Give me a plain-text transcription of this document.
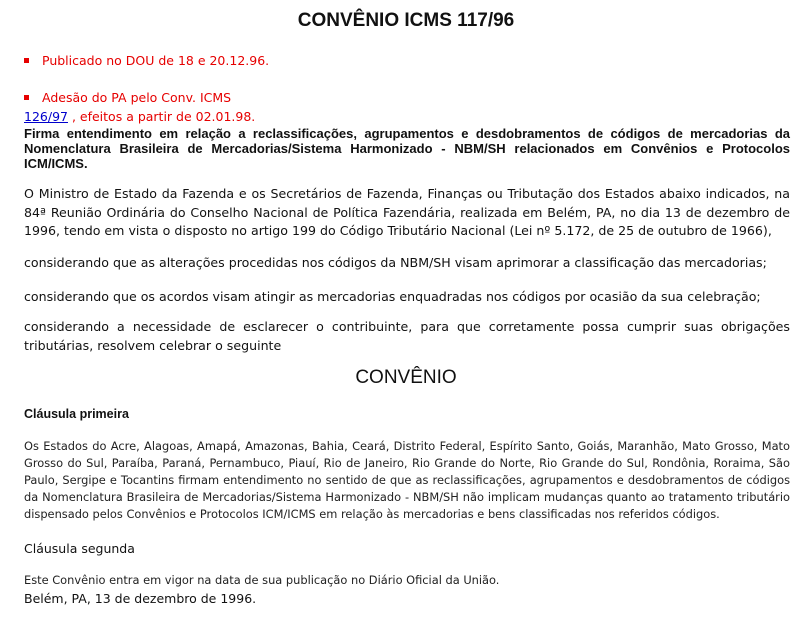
CONVÊNIO ICMS 117/96
Publicado no DOU de 18 e 20.12.96.
Adesão do PA pelo Conv. ICMS
126/97 , efeitos a partir de 02.01.98.
Firma entendimento em relação a reclassificações, agrupamentos e desdobramentos de códigos de mercadorias da Nomenclatura Brasileira de Mercadorias/Sistema Harmonizado - NBM/SH relacionados em Convênios e Protocolos ICM/ICMS.
O Ministro de Estado da Fazenda e os Secretários de Fazenda, Finanças ou Tributação dos Estados abaixo indicados, na 84ª Reunião Ordinária do Conselho Nacional de Política Fazendária, realizada em Belém, PA, no dia 13 de dezembro de 1996, tendo em vista o disposto no artigo 199 do Código Tributário Nacional (Lei nº 5.172, de 25 de outubro de 1966),
considerando que as alterações procedidas nos códigos da NBM/SH visam aprimorar a classificação das mercadorias;
considerando que os acordos visam atingir as mercadorias enquadradas nos códigos por ocasião da sua celebração;
considerando a necessidade de esclarecer o contribuinte, para que corretamente possa cumprir suas obrigações tributárias, resolvem celebrar o seguinte
CONVÊNIO
Cláusula primeira
Os Estados do Acre, Alagoas, Amapá, Amazonas, Bahia, Ceará, Distrito Federal, Espírito Santo, Goiás, Maranhão, Mato Grosso, Mato Grosso do Sul, Paraíba, Paraná, Pernambuco, Piauí, Rio de Janeiro, Rio Grande do Norte, Rio Grande do Sul, Rondônia, Roraima, São Paulo, Sergipe e Tocantins firmam entendimento no sentido de que as reclassificações, agrupamentos e desdobramentos de códigos da Nomenclatura Brasileira de Mercadorias/Sistema Harmonizado - NBM/SH não implicam mudanças quanto ao tratamento tributário dispensado pelos Convênios e Protocolos ICM/ICMS em relação às mercadorias e bens classificadas nos referidos códigos.
Cláusula segunda
Este Convênio entra em vigor na data de sua publicação no Diário Oficial da União.
Belém, PA, 13 de dezembro de 1996.
